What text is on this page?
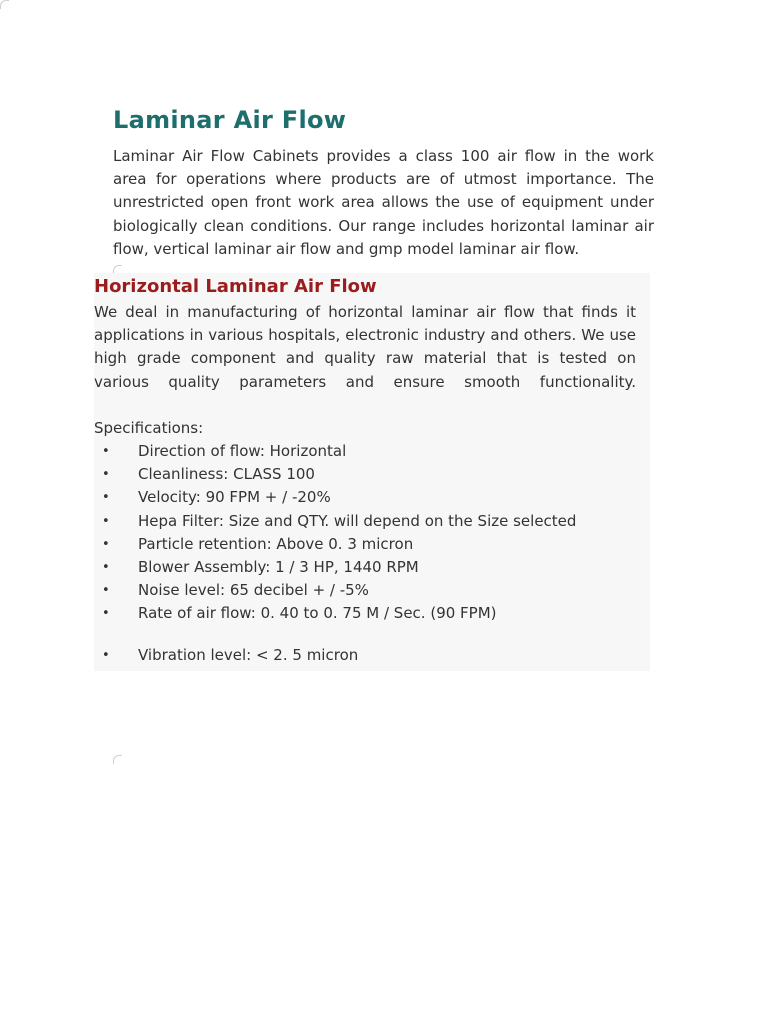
Laminar Air Flow

Laminar Air Flow Cabinets provides a class 100 air flow in the work area for operations where products are of utmost importance. The unrestricted open front work area allows the use of equipment under biologically clean conditions. Our range includes horizontal laminar air flow, vertical laminar air flow and gmp model laminar air flow.

Horizontal Laminar Air Flow

We deal in manufacturing of horizontal laminar air flow that finds it applications in various hospitals, electronic industry and others. We use high grade component and quality raw material that is tested on various quality parameters and ensure smooth functionality.

Specifications:

• Direction of flow: Horizontal
• Cleanliness: CLASS 100
• Velocity: 90 FPM + / -20%
• Hepa Filter: Size and QTY. will depend on the Size selected
• Particle retention: Above 0. 3 micron
• Blower Assembly: 1 / 3 HP, 1440 RPM
• Noise level: 65 decibel + / -5%
• Rate of air flow: 0. 40 to 0. 75 M / Sec. (90 FPM)
• Vibration level: < 2. 5 micron
